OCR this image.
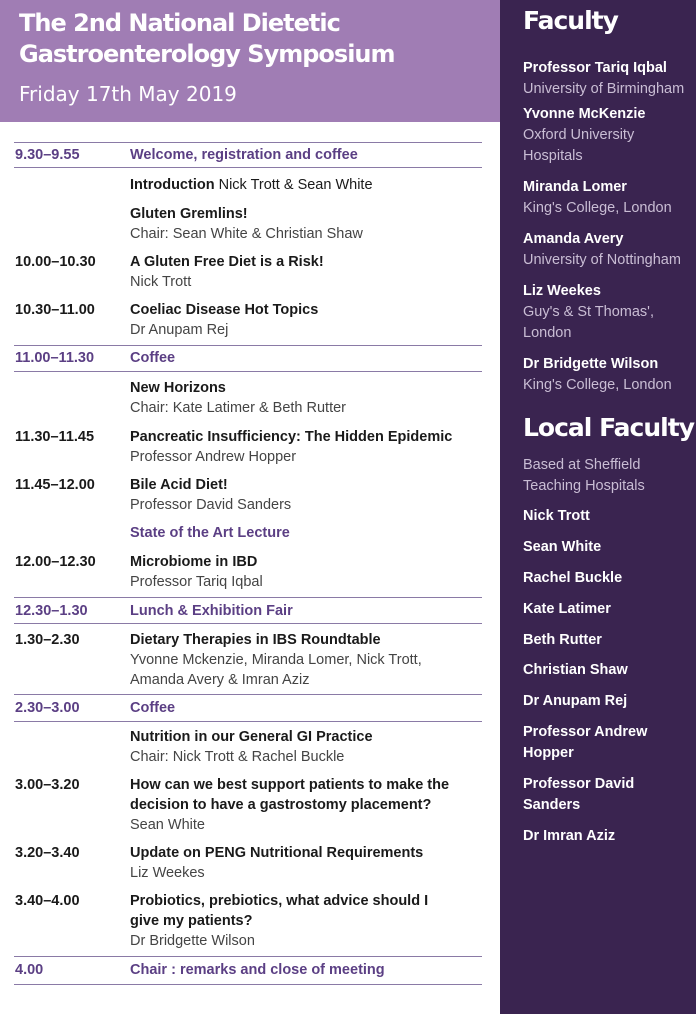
The 2nd National Dietetic
Gastroenterology Symposium
Friday 17th May 2019
9.30–9.55	Welcome, registration and coffee
Introduction Nick Trott & Sean White
Gluten Gremlins!
Chair: Sean White & Christian Shaw
10.00–10.30 A Gluten Free Diet is a Risk!
Nick Trott
10.30–11.00 Coeliac Disease Hot Topics
Dr Anupam Rej
11.00–11.30 Coffee
New Horizons
Chair: Kate Latimer & Beth Rutter
11.30–11.45 Pancreatic Insufficiency: The Hidden Epidemic
Professor Andrew Hopper
11.45–12.00 Bile Acid Diet!
Professor David Sanders
State of the Art Lecture
12.00–12.30 Microbiome in IBD
Professor Tariq Iqbal
12.30–1.30	Lunch & Exhibition Fair
1.30–2.30	Dietary Therapies in IBS Roundtable
Yvonne Mckenzie, Miranda Lomer, Nick Trott,
Amanda Avery & Imran Aziz
2.30–3.00	Coffee
Nutrition in our General GI Practice
Chair: Nick Trott & Rachel Buckle
3.00–3.20	How can we best support patients to make the
decision to have a gastrostomy placement?
Sean White
3.20–3.40	Update on PENG Nutritional Requirements
Liz Weekes
3.40–4.00	Probiotics, prebiotics, what advice should I
give my patients?
Dr Bridgette Wilson
4.00	Chair : remarks and close of meeting
Faculty
Professor Tariq Iqbal
University of Birmingham
Yvonne McKenzie
Oxford University
Hospitals
Miranda Lomer
King's College, London
Amanda Avery
University of Nottingham
Liz Weekes
Guy's & St Thomas',
London
Dr Bridgette Wilson
King's College, London
Local Faculty
Based at Sheffield
Teaching Hospitals
Nick Trott
Sean White
Rachel Buckle
Kate Latimer
Beth Rutter
Christian Shaw
Dr Anupam Rej
Professor Andrew
Hopper
Professor David
Sanders
Dr Imran Aziz
